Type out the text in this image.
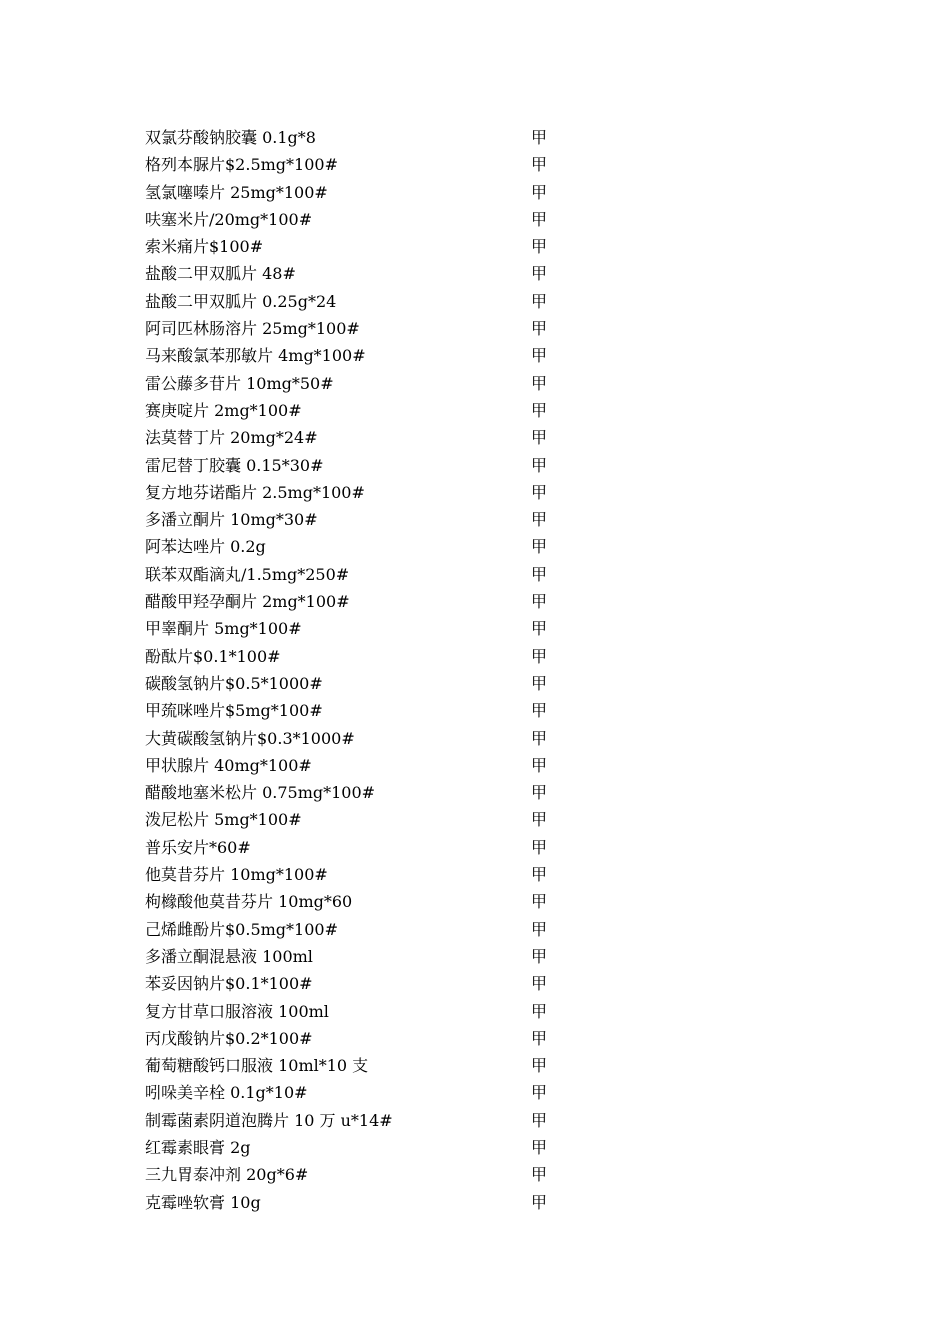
双氯芬酸钠胶囊 0.1g*8	甲
格列本脲片$2.5mg*100#	甲
氢氯噻嗪片 25mg*100#	甲
呋塞米片/20mg*100#	甲
索米痛片$100#	甲
盐酸二甲双胍片 48#	甲
盐酸二甲双胍片 0.25g*24	甲
阿司匹林肠溶片 25mg*100#	甲
马来酸氯苯那敏片 4mg*100#	甲
雷公藤多苷片 10mg*50#	甲
赛庚啶片 2mg*100#	甲
法莫替丁片 20mg*24#	甲
雷尼替丁胶囊 0.15*30#	甲
复方地芬诺酯片 2.5mg*100#	甲
多潘立酮片 10mg*30#	甲
阿苯达唑片 0.2g	甲
联苯双酯滴丸/1.5mg*250#	甲
醋酸甲羟孕酮片 2mg*100#	甲
甲睾酮片 5mg*100#	甲
酚酞片$0.1*100#	甲
碳酸氢钠片$0.5*1000#	甲
甲巯咪唑片$5mg*100#	甲
大黄碳酸氢钠片$0.3*1000#	甲
甲状腺片 40mg*100#	甲
醋酸地塞米松片 0.75mg*100#	甲
泼尼松片 5mg*100#	甲
普乐安片*60#	甲
他莫昔芬片 10mg*100#	甲
枸橼酸他莫昔芬片 10mg*60	甲
己烯雌酚片$0.5mg*100#	甲
多潘立酮混悬液 100ml	甲
苯妥因钠片$0.1*100#	甲
复方甘草口服溶液 100ml	甲
丙戊酸钠片$0.2*100#	甲
葡萄糖酸钙口服液 10ml*10 支	甲
吲哚美辛栓 0.1g*10#	甲
制霉菌素阴道泡腾片 10 万 u*14#	甲
红霉素眼膏 2g	甲
三九胃泰冲剂 20g*6#	甲
克霉唑软膏 10g	甲
